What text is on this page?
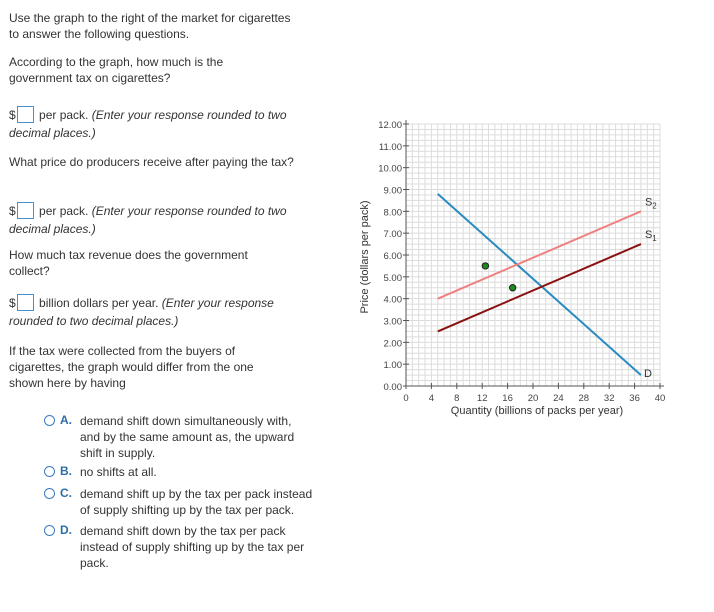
Use the graph to the right of the market for cigarettes to answer the following questions.

According to the graph, how much is the government tax on cigarettes?

$ per pack. (Enter your response rounded to two decimal places.)

What price do producers receive after paying the tax?

$ per pack. (Enter your response rounded to two decimal places.)

How much tax revenue does the government collect?

$ billion dollars per year. (Enter your response rounded to two decimal places.)

If the tax were collected from the buyers of cigarettes, the graph would differ from the one shown here by having

A. demand shift down simultaneously with, and by the same amount as, the upward shift in supply.
B. no shifts at all.
C. demand shift up by the tax per pack instead of supply shifting up by the tax per pack.
D. demand shift down by the tax per pack instead of supply shifting up by the tax per pack.
0.00
1.00
2.00
3.00
4.00
5.00
6.00
7.00
8.00
9.00
10.00
11.00
12.00
0 4 8 12 16 20 24 28 32 36 40
D
$S_2$
$S_1$
Price (dollars per pack)
Quantity (billions of packs per year)
